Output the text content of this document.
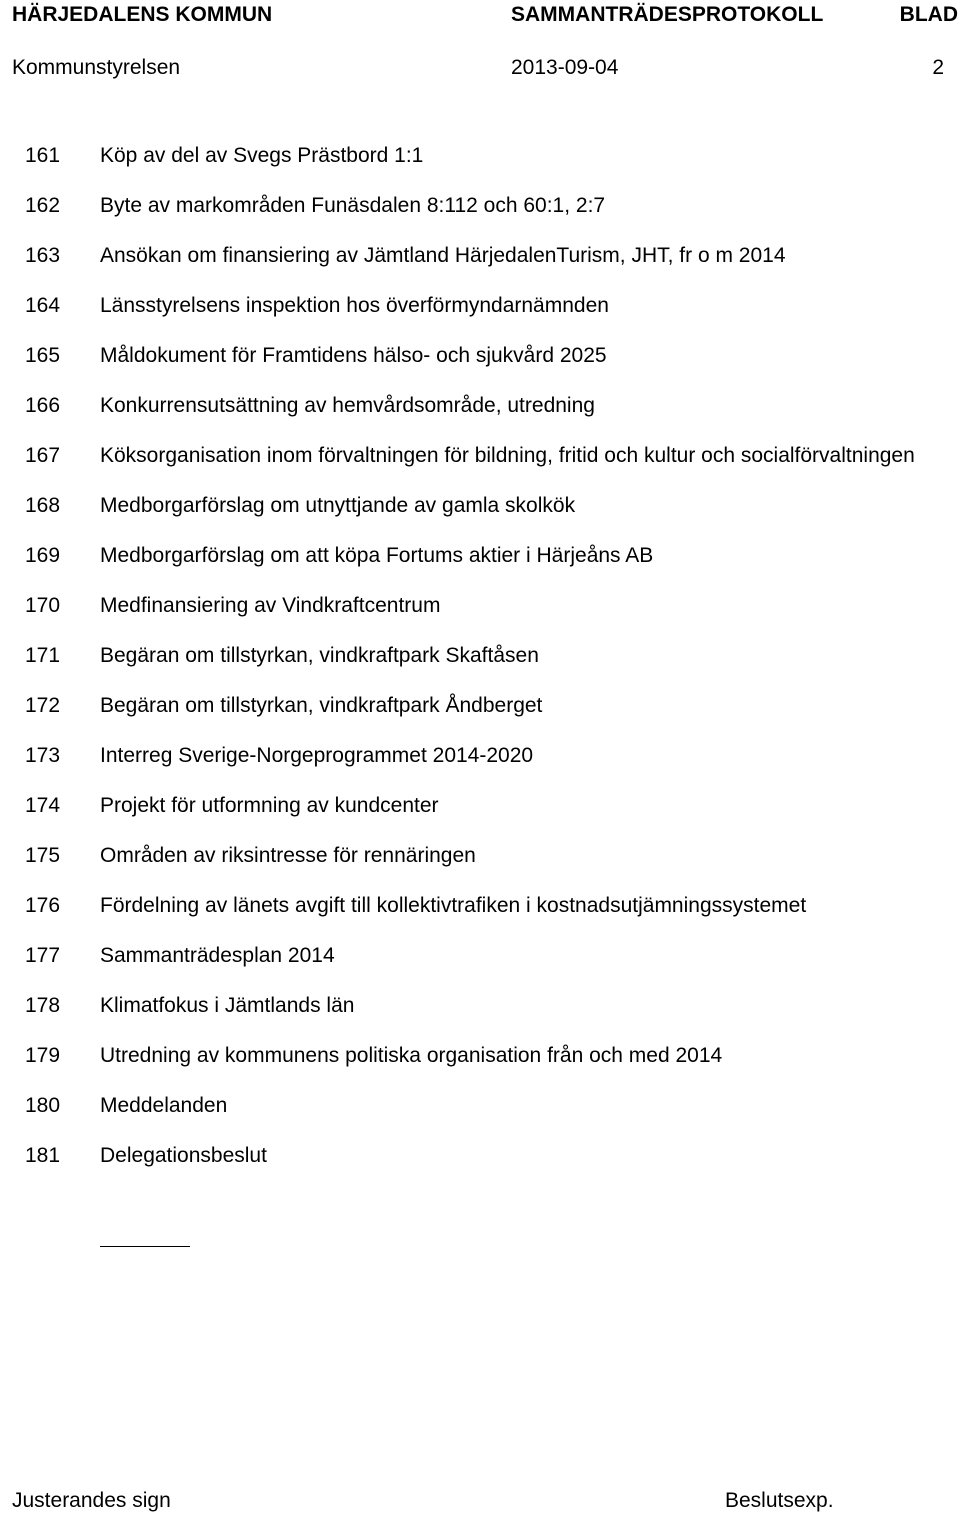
HÄRJEDALENS KOMMUN	SAMMANTRÄDESPROTOKOLL	BLAD
Kommunstyrelsen	2013-09-04	2
161 Köp av del av Svegs Prästbord 1:1
162 Byte av markområden Funäsdalen 8:112 och 60:1, 2:7
163 Ansökan om finansiering av Jämtland HärjedalenTurism, JHT, fr o m 2014
164 Länsstyrelsens inspektion hos överförmyndarnämnden
165 Måldokument för Framtidens hälso- och sjukvård 2025
166 Konkurrensutsättning av hemvårdsområde, utredning
167 Köksorganisation inom förvaltningen för bildning, fritid och kultur och socialförvaltningen
168 Medborgarförslag om utnyttjande av gamla skolkök
169 Medborgarförslag om att köpa Fortums aktier i Härjeåns AB
170 Medfinansiering av Vindkraftcentrum
171 Begäran om tillstyrkan, vindkraftpark Skaftåsen
172 Begäran om tillstyrkan, vindkraftpark Åndberget
173 Interreg Sverige-Norgeprogrammet 2014-2020
174 Projekt för utformning av kundcenter
175 Områden av riksintresse för rennäringen
176 Fördelning av länets avgift till kollektivtrafiken i kostnadsutjämningssystemet
177 Sammanträdesplan 2014
178 Klimatfokus i Jämtlands län
179 Utredning av kommunens politiska organisation från och med 2014
180 Meddelanden
181 Delegationsbeslut
Justerandes sign	Beslutsexp.
